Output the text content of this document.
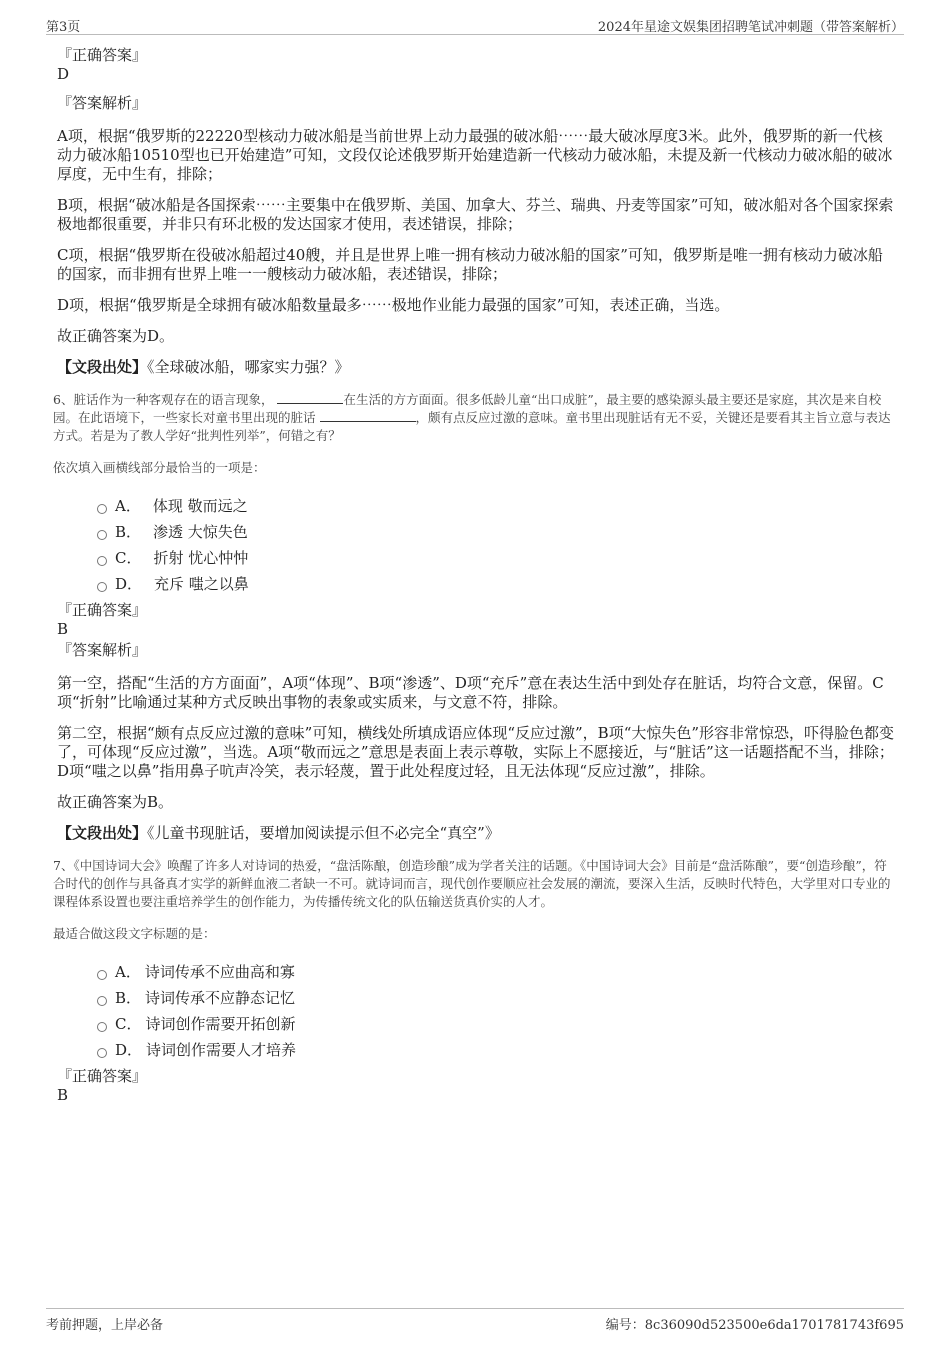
第3页	2024年星途文娱集团招聘笔试冲刺题（带答案解析）
『正确答案』
D
『答案解析』

A项，根据“俄罗斯的22220型核动力破冰船是当前世界上动力最强的破冰船⋯⋯最大破冰厚度3米。此外，俄罗斯的新一代核动力破冰船10510型也已开始建造”可知，文段仅论述俄罗斯开始建造新一代核动力破冰船，未提及新一代核动力破冰船的破冰厚度，无中生有，排除；

B项，根据“破冰船是各国探索⋯⋯主要集中在俄罗斯、美国、加拿大、芬兰、瑞典、丹麦等国家”可知，破冰船对各个国家探索极地都很重要，并非只有环北极的发达国家才使用，表述错误，排除；

C项，根据“俄罗斯在役破冰船超过40艘，并且是世界上唯一拥有核动力破冰船的国家”可知，俄罗斯是唯一拥有核动力破冰船的国家，而非拥有世界上唯一一艘核动力破冰船，表述错误，排除；

D项，根据“俄罗斯是全球拥有破冰船数量最多⋯⋯极地作业能力最强的国家”可知，表述正确，当选。

故正确答案为D。

【文段出处】《全球破冰船，哪家实力强？》

6、脏话作为一种客观存在的语言现象，	在生活的方方面面。很多低龄儿童“出口成脏”，最主要的感染源头最主要还是家庭，其次是来自校园。在此语境下，一些家长对童书里出现的脏话	，颇有点反应过激的意味。童书里出现脏话有无不妥，关键还是要看其主旨立意与表达方式。若是为了教人学好“批判性列举”，何错之有？
依次填入画横线部分最恰当的一项是：
A． 体现 敬而远之
B． 渗透 大惊失色
C． 折射 忧心忡忡
D． 充斥 嗤之以鼻
『正确答案』
B
『答案解析』

第一空，搭配“生活的方方面面”，A项“体现”、B项“渗透”、D项“充斥”意在表达生活中到处存在脏话，均符合文意，保留。C项“折射”比喻通过某种方式反映出事物的表象或实质来，与文意不符，排除。

第二空，根据“颇有点反应过激的意味”可知，横线处所填成语应体现“反应过激”，B项“大惊失色”形容非常惊恐，吓得脸色都变了，可体现“反应过激”，当选。A项“敬而远之”意思是表面上表示尊敬，实际上不愿接近，与“脏话”这一话题搭配不当，排除；D项“嗤之以鼻”指用鼻子吭声冷笑，表示轻蔑，置于此处程度过轻，且无法体现“反应过激”，排除。

故正确答案为B。

【文段出处】《儿童书现脏话，要增加阅读提示但不必完全“真空”》

7、《中国诗词大会》唤醒了许多人对诗词的热爱，“盘活陈酿，创造珍酿”成为学者关注的话题。《中国诗词大会》目前是“盘活陈酿”，要“创造珍酿”，符合时代的创作与具备真才实学的新鲜血液二者缺一不可。就诗词而言，现代创作要顺应社会发展的潮流，要深入生活，反映时代特色，大学里对口专业的课程体系设置也要注重培养学生的创作能力，为传播传统文化的队伍输送货真价实的人才。
最适合做这段文字标题的是：
A． 诗词传承不应曲高和寡
B． 诗词传承不应静态记忆
C． 诗词创作需要开拓创新
D． 诗词创作需要人才培养
『正确答案』
B
考前押题，上岸必备	编号：8c36090d523500e6da1701781743f695
